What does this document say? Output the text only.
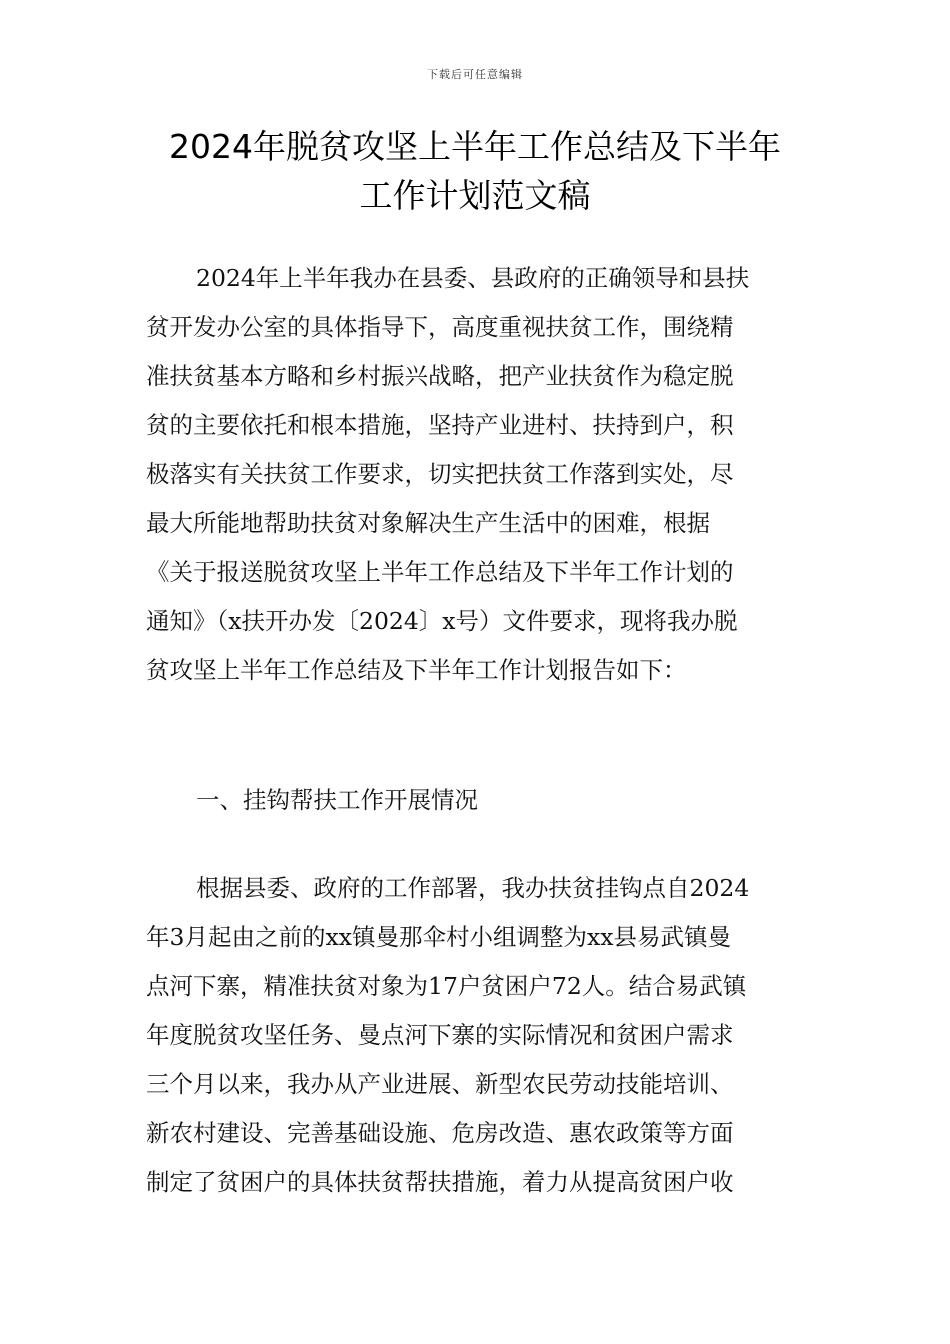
下载后可任意编辑
2024年脱贫攻坚上半年工作总结及下半年
工作计划范文稿
2024年上半年我办在县委、县政府的正确领导和县扶
贫开发办公室的具体指导下，高度重视扶贫工作，围绕精
准扶贫基本方略和乡村振兴战略，把产业扶贫作为稳定脱
贫的主要依托和根本措施，坚持产业进村、扶持到户，积
极落实有关扶贫工作要求，切实把扶贫工作落到实处，尽
最大所能地帮助扶贫对象解决生产生活中的困难，根据
《关于报送脱贫攻坚上半年工作总结及下半年工作计划的
通知》（x扶开办发〔2024〕x号）文件要求，现将我办脱
贫攻坚上半年工作总结及下半年工作计划报告如下：
一、挂钩帮扶工作开展情况
根据县委、政府的工作部署，我办扶贫挂钩点自2024
年3月起由之前的xx镇曼那伞村小组调整为xx县易武镇曼
点河下寨，精准扶贫对象为17户贫困户72人。结合易武镇
年度脱贫攻坚任务、曼点河下寨的实际情况和贫困户需求
三个月以来，我办从产业进展、新型农民劳动技能培训、
新农村建设、完善基础设施、危房改造、惠农政策等方面
制定了贫困户的具体扶贫帮扶措施，着力从提高贫困户收
